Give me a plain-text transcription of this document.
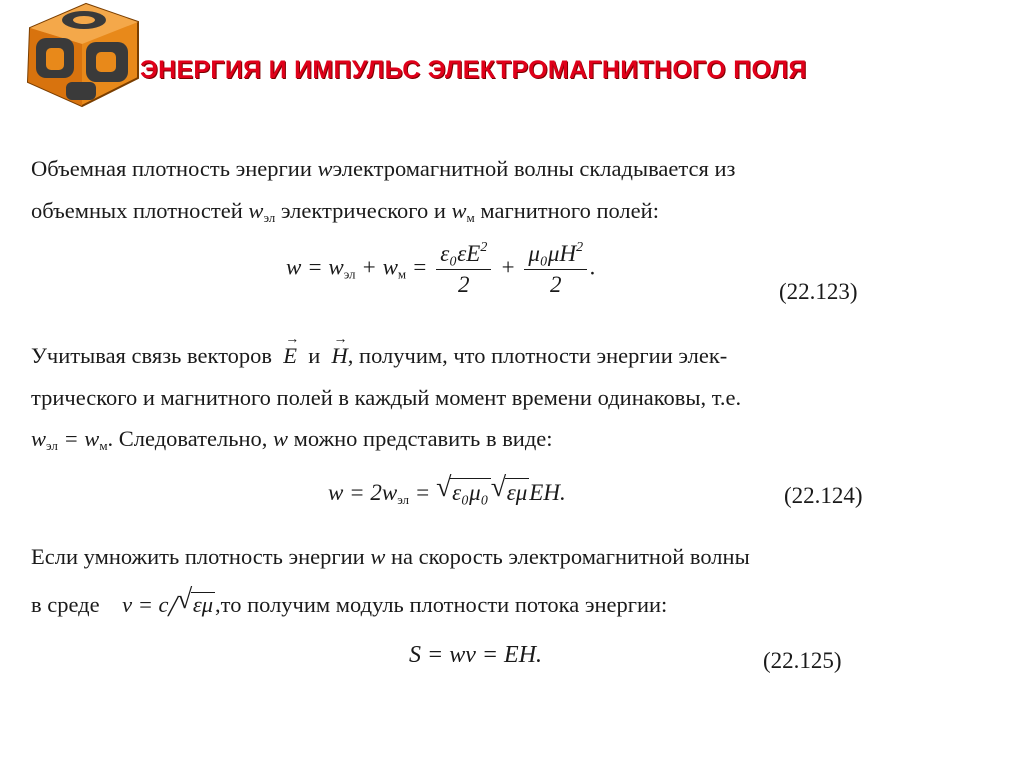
ЭНЕРГИЯ И ИМПУЛЬС ЭЛЕКТРОМАГНИТНОГО ПОЛЯ
Объемная плотность энергии wэлектромагнитной волны складывается из
объемных плотностей $w_{эл}$ электрического и $w_м$ магнитного полей:
$w = w_{эл} + w_м = \frac{\varepsilon_0\varepsilon E^2}{2} + \frac{\mu_0\mu H^2}{2}$ .
(22.123)
Учитывая связь векторов
→
E и
→
H, получим, что плотности энергии элек-
трического и магнитного полей в каждый момент времени одинаковы, т.е.
$w_{эл} = w_м$. Следовательно, w можно представить в виде:
$w = 2w_{эл}$ = √ ε₀μ₀ √ εμEH.	(22.124)
Если умножить плотность энергии w на скорость электромагнитной волны
в среде v = c/ √ εμ,то получим модуль плотности потока энергии:
S = wv = EH.	(22.125)
